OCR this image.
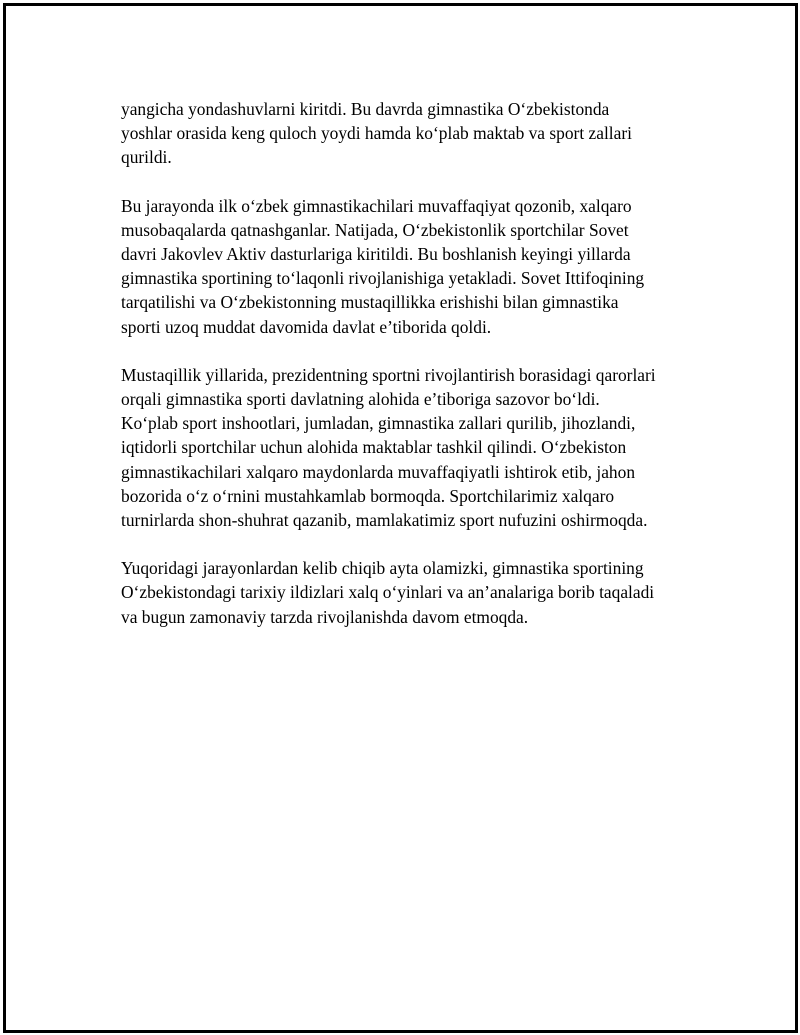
yangicha yondashuvlarni kiritdi. Bu davrda gimnastika O‘zbekistonda
yoshlar orasida keng quloch yoydi hamda ko‘plab maktab va sport zallari
qurildi.

Bu jarayonda ilk o‘zbek gimnastikachilari muvaffaqiyat qozonib, xalqaro
musobaqalarda qatnashganlar. Natijada, O‘zbekistonlik sportchilar Sovet
davri Jakovlev Aktiv dasturlariga kiritildi. Bu boshlanish keyingi yillarda
gimnastika sportining to‘laqonli rivojlanishiga yetakladi. Sovet Ittifoqining
tarqatilishi va O‘zbekistonning mustaqillikka erishishi bilan gimnastika
sporti uzoq muddat davomida davlat e’tiborida qoldi.

Mustaqillik yillarida, prezidentning sportni rivojlantirish borasidagi qarorlari
orqali gimnastika sporti davlatning alohida e’tiboriga sazovor bo‘ldi.
Ko‘plab sport inshootlari, jumladan, gimnastika zallari qurilib, jihozlandi,
iqtidorli sportchilar uchun alohida maktablar tashkil qilindi. O‘zbekiston
gimnastikachilari xalqaro maydonlarda muvaffaqiyatli ishtirok etib, jahon
bozorida o‘z o‘rnini mustahkamlab bormoqda. Sportchilarimiz xalqaro
turnirlarda shon-shuhrat qazanib, mamlakatimiz sport nufuzini oshirmoqda.

Yuqoridagi jarayonlardan kelib chiqib ayta olamizki, gimnastika sportining
O‘zbekistondagi tarixiy ildizlari xalq o‘yinlari va an’analariga borib taqaladi
va bugun zamonaviy tarzda rivojlanishda davom etmoqda.
